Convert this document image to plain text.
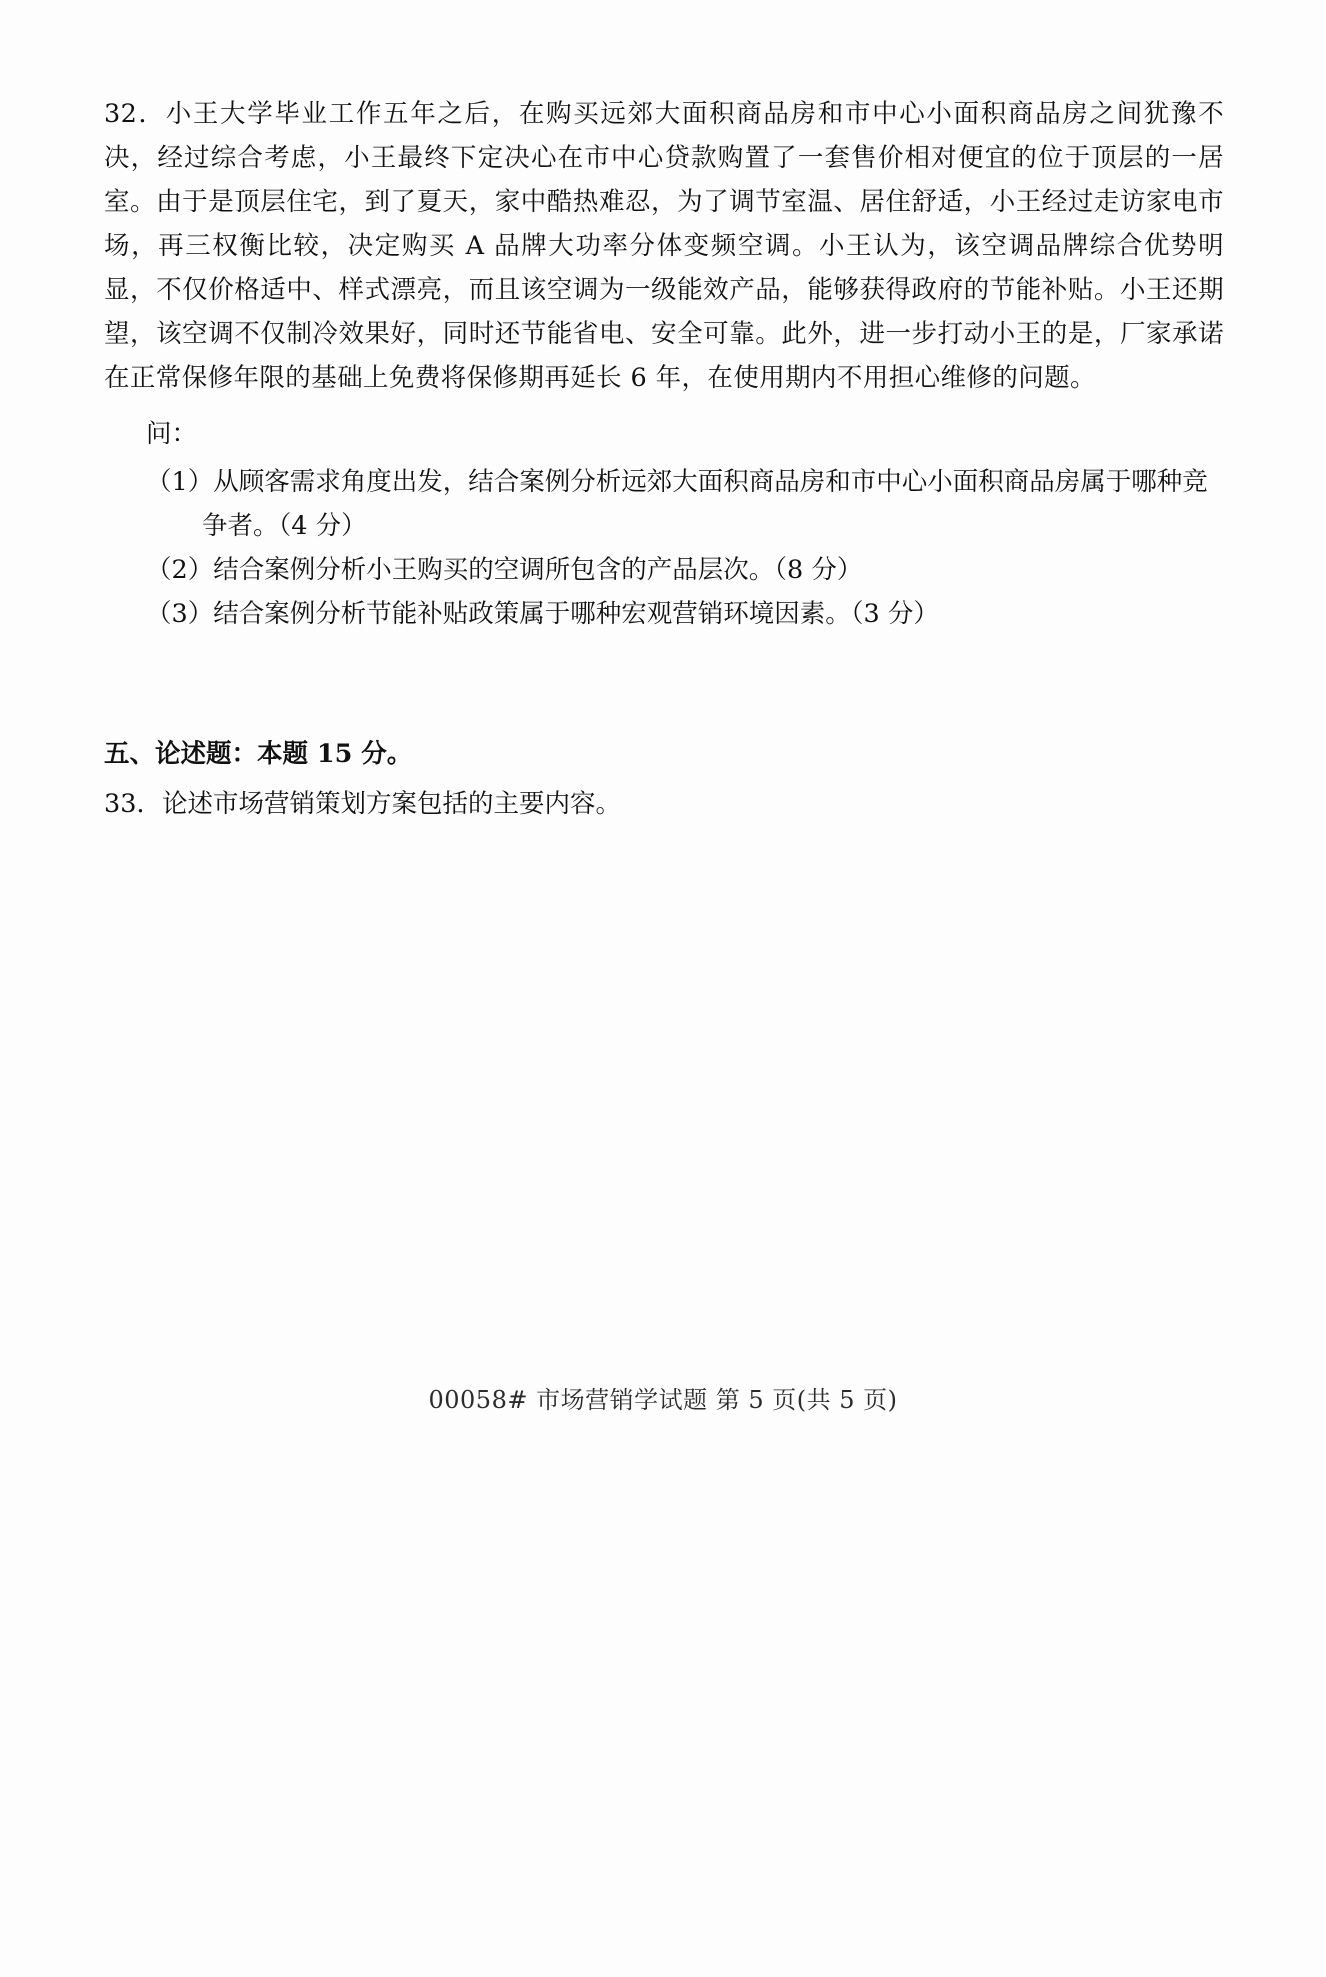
32．小王大学毕业工作五年之后，在购买远郊大面积商品房和市中心小面积商品房之间犹豫不决，经过综合考虑，小王最终下定决心在市中心贷款购置了一套售价相对便宜的位于顶层的一居室。由于是顶层住宅，到了夏天，家中酷热难忍，为了调节室温、居住舒适，小王经过走访家电市场，再三权衡比较，决定购买 A 品牌大功率分体变频空调。小王认为，该空调品牌综合优势明显，不仅价格适中、样式漂亮，而且该空调为一级能效产品，能够获得政府的节能补贴。小王还期望，该空调不仅制冷效果好，同时还节能省电、安全可靠。此外，进一步打动小王的是，厂家承诺在正常保修年限的基础上免费将保修期再延长 6 年，在使用期内不用担心维修的问题。

问：
（1）从顾客需求角度出发，结合案例分析远郊大面积商品房和市中心小面积商品房属于哪种竞争者。（4 分）
（2）结合案例分析小王购买的空调所包含的产品层次。（8 分）
（3）结合案例分析节能补贴政策属于哪种宏观营销环境因素。（3 分）
五、论述题：本题 15 分。
33．论述市场营销策划方案包括的主要内容。
00058# 市场营销学试题 第 5 页(共 5 页)
